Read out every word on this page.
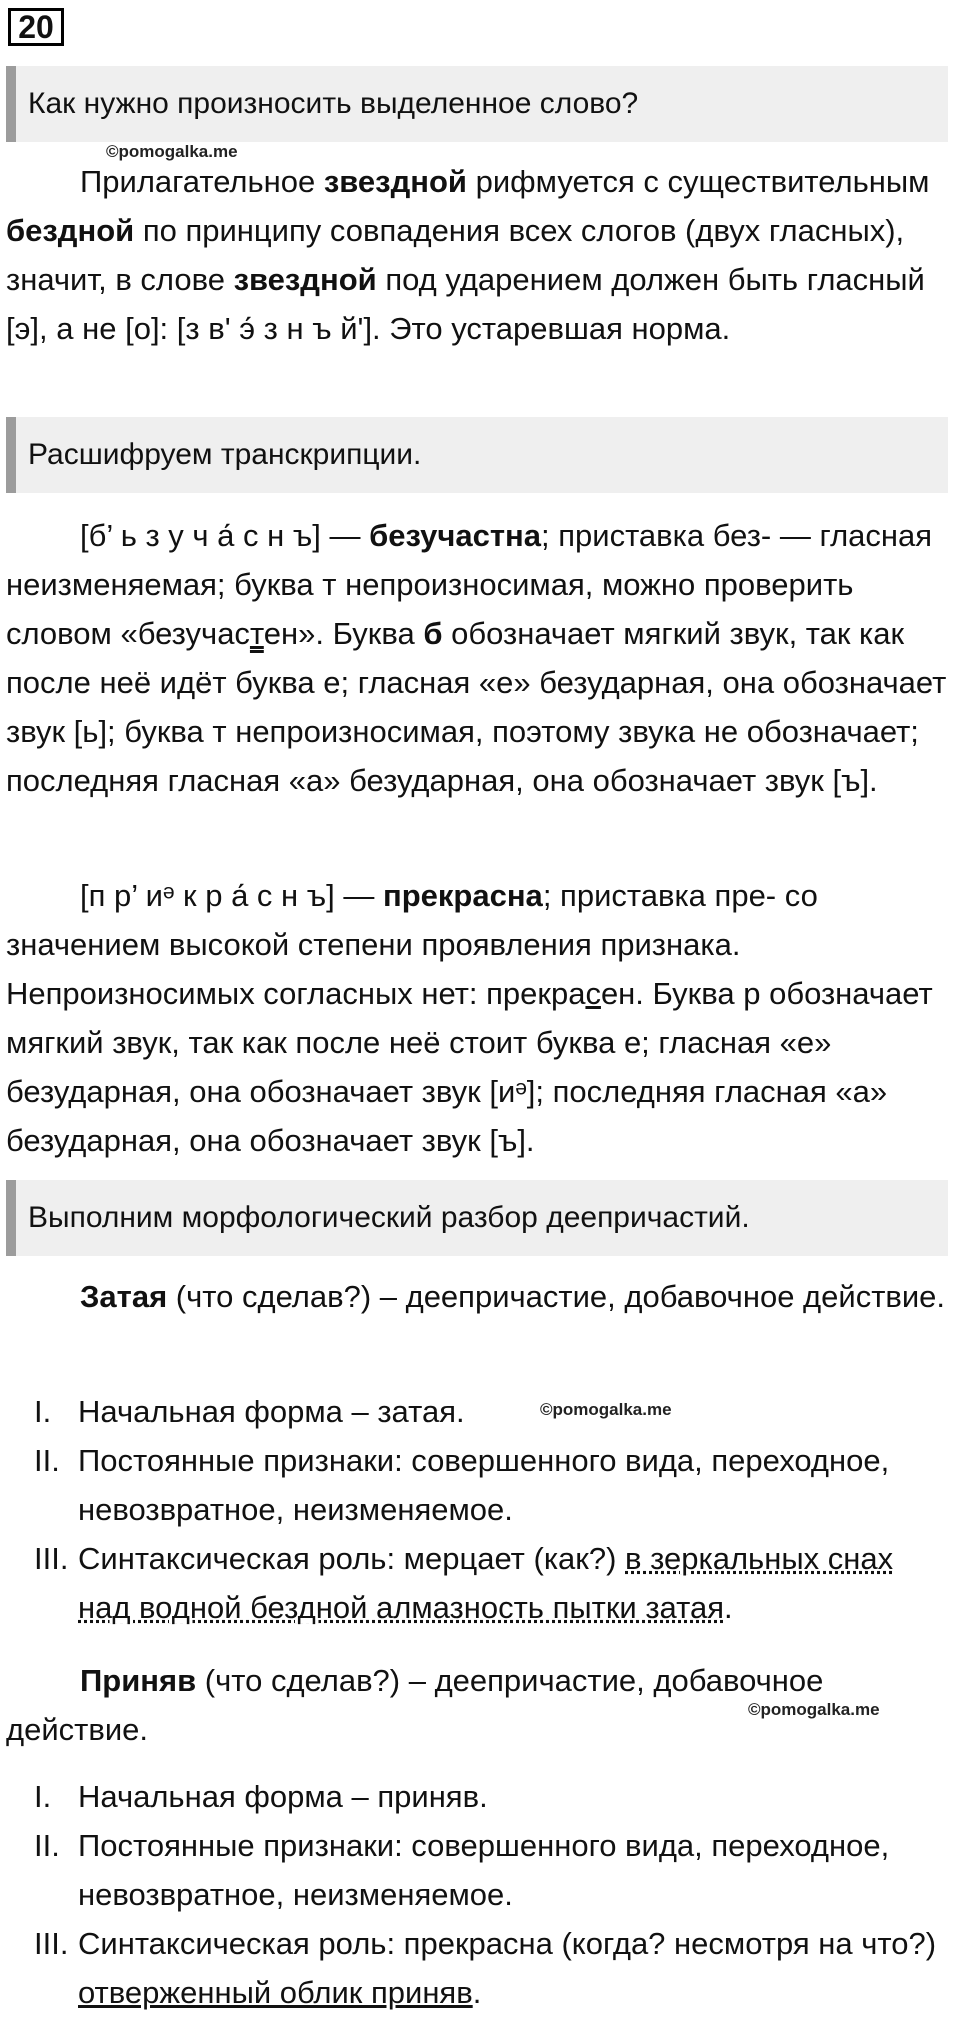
20
Как нужно произносить выделенное слово?
©pomogalka.me
Прилагательное звездной рифмуется с существительным бездной по принципу совпадения всех слогов (двух гласных), значит, в слове звездной под ударением должен быть гласный [э], а не [о]: [з в' э́ з н ъ й']. Это устаревшая норма.
Расшифруем транскрипции.
[б’ ь з у ч а́ с н ъ] — безучастна; приставка без- — гласная неизменяемая; буква т непроизносимая, можно проверить словом «безучастен». Буква б обозначает мягкий звук, так как после неё идёт буква е; гласная «е» безударная, она обозначает звук [ь]; буква т непроизносимая, поэтому звука не обозначает; последняя гласная «а» безударная, она обозначает звук [ъ].
[п р’ иᵊ к р а́ с н ъ] — прекрасна; приставка пре- со значением высокой степени проявления признака. Непроизносимых согласных нет: прекрасен. Буква р обозначает мягкий звук, так как после неё стоит буква е; гласная «е» безударная, она обозначает звук [иᵊ]; последняя гласная «а» безударная, она обозначает звук [ъ].
Выполним морфологический разбор деепричастий.
Затая (что сделав?) – деепричастие, добавочное действие.
©pomogalka.me
I. Начальная форма – затая.
II. Постоянные признаки: совершенного вида, переходное, невозвратное, неизменяемое.
III. Синтаксическая роль: мерцает (как?) в зеркальных снах над водной бездной алмазность пытки затая.
Приняв (что сделав?) – деепричастие, добавочное действие.
©pomogalka.me
I. Начальная форма – приняв.
II. Постоянные признаки: совершенного вида, переходное, невозвратное, неизменяемое.
III. Синтаксическая роль: прекрасна (когда? несмотря на что?) отверженный облик приняв.
